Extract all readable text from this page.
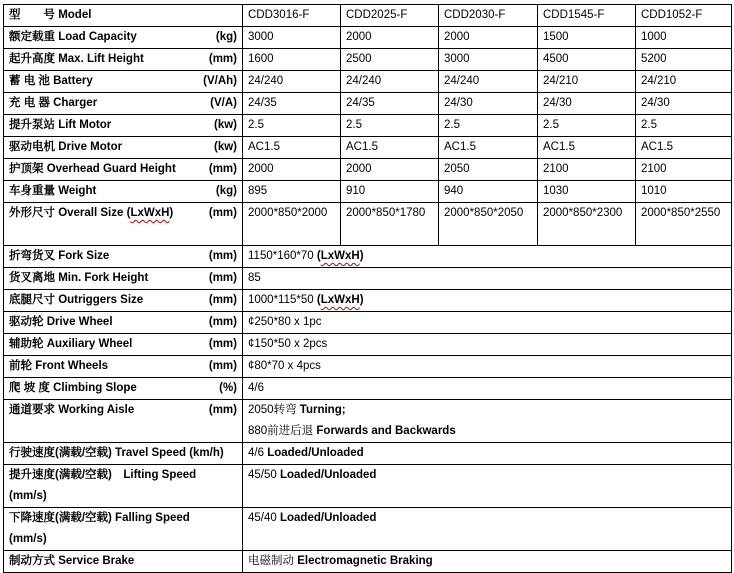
型　　号 Model	CDD3016-F	CDD2025-F	CDD2030-F	CDD1545-F	CDD1052-F

额定载重 Load Capacity (kg)	3000	2000	2000	1500	1000

起升高度 Max. Lift Height (mm)	1600	2500	3000	4500	5200

蓄 电 池 Battery (V/Ah)	24/240	24/240	24/240	24/210	24/210

充 电 器 Charger (V/A)	24/35	24/35	24/30	24/30	24/30

提升泵站 Lift Motor (kw)	2.5	2.5	2.5	2.5	2.5

驱动电机 Drive Motor (kw)	AC1.5	AC1.5	AC1.5	AC1.5	AC1.5

护顶架 Overhead Guard Height (mm)	2000	2000	2050	2100	2100

车身重量 Weight (kg)	895	910	940	1030	1010

外形尺寸 Overall Size (LxWxH) (mm)	2000*850*2000	2000*850*1780	2000*850*2050	2000*850*2300	2000*850*2550

折弯货叉 Fork Size (mm)	1150*160*70 (LxWxH)				

货叉离地 Min. Fork Height (mm)	85				

底腿尺寸 Outriggers Size (mm)	1000*115*50 (LxWxH)				

驱动轮 Drive Wheel (mm)	¢250*80 x 1pc				

辅助轮 Auxiliary Wheel (mm)	¢150*50 x 2pcs				

前轮 Front Wheels (mm)	¢80*70 x 4pcs				

爬 坡 度 Climbing Slope (%)	4/6				

通道要求 Working Aisle	(mm)	2050转弯 Turning;
880前进后退 Forwards and Backwards

行驶速度(满载/空载) Travel Speed (km/h)	4/6 Loaded/Unloaded				

提升速度(满载/空载)　Lifting Speed
(mm/s)	45/50 Loaded/Unloaded				

下降速度(满载/空载) Falling Speed
(mm/s)	45/40 Loaded/Unloaded				

制动方式 Service Brake	电磁制动 Electromagnetic Braking				
